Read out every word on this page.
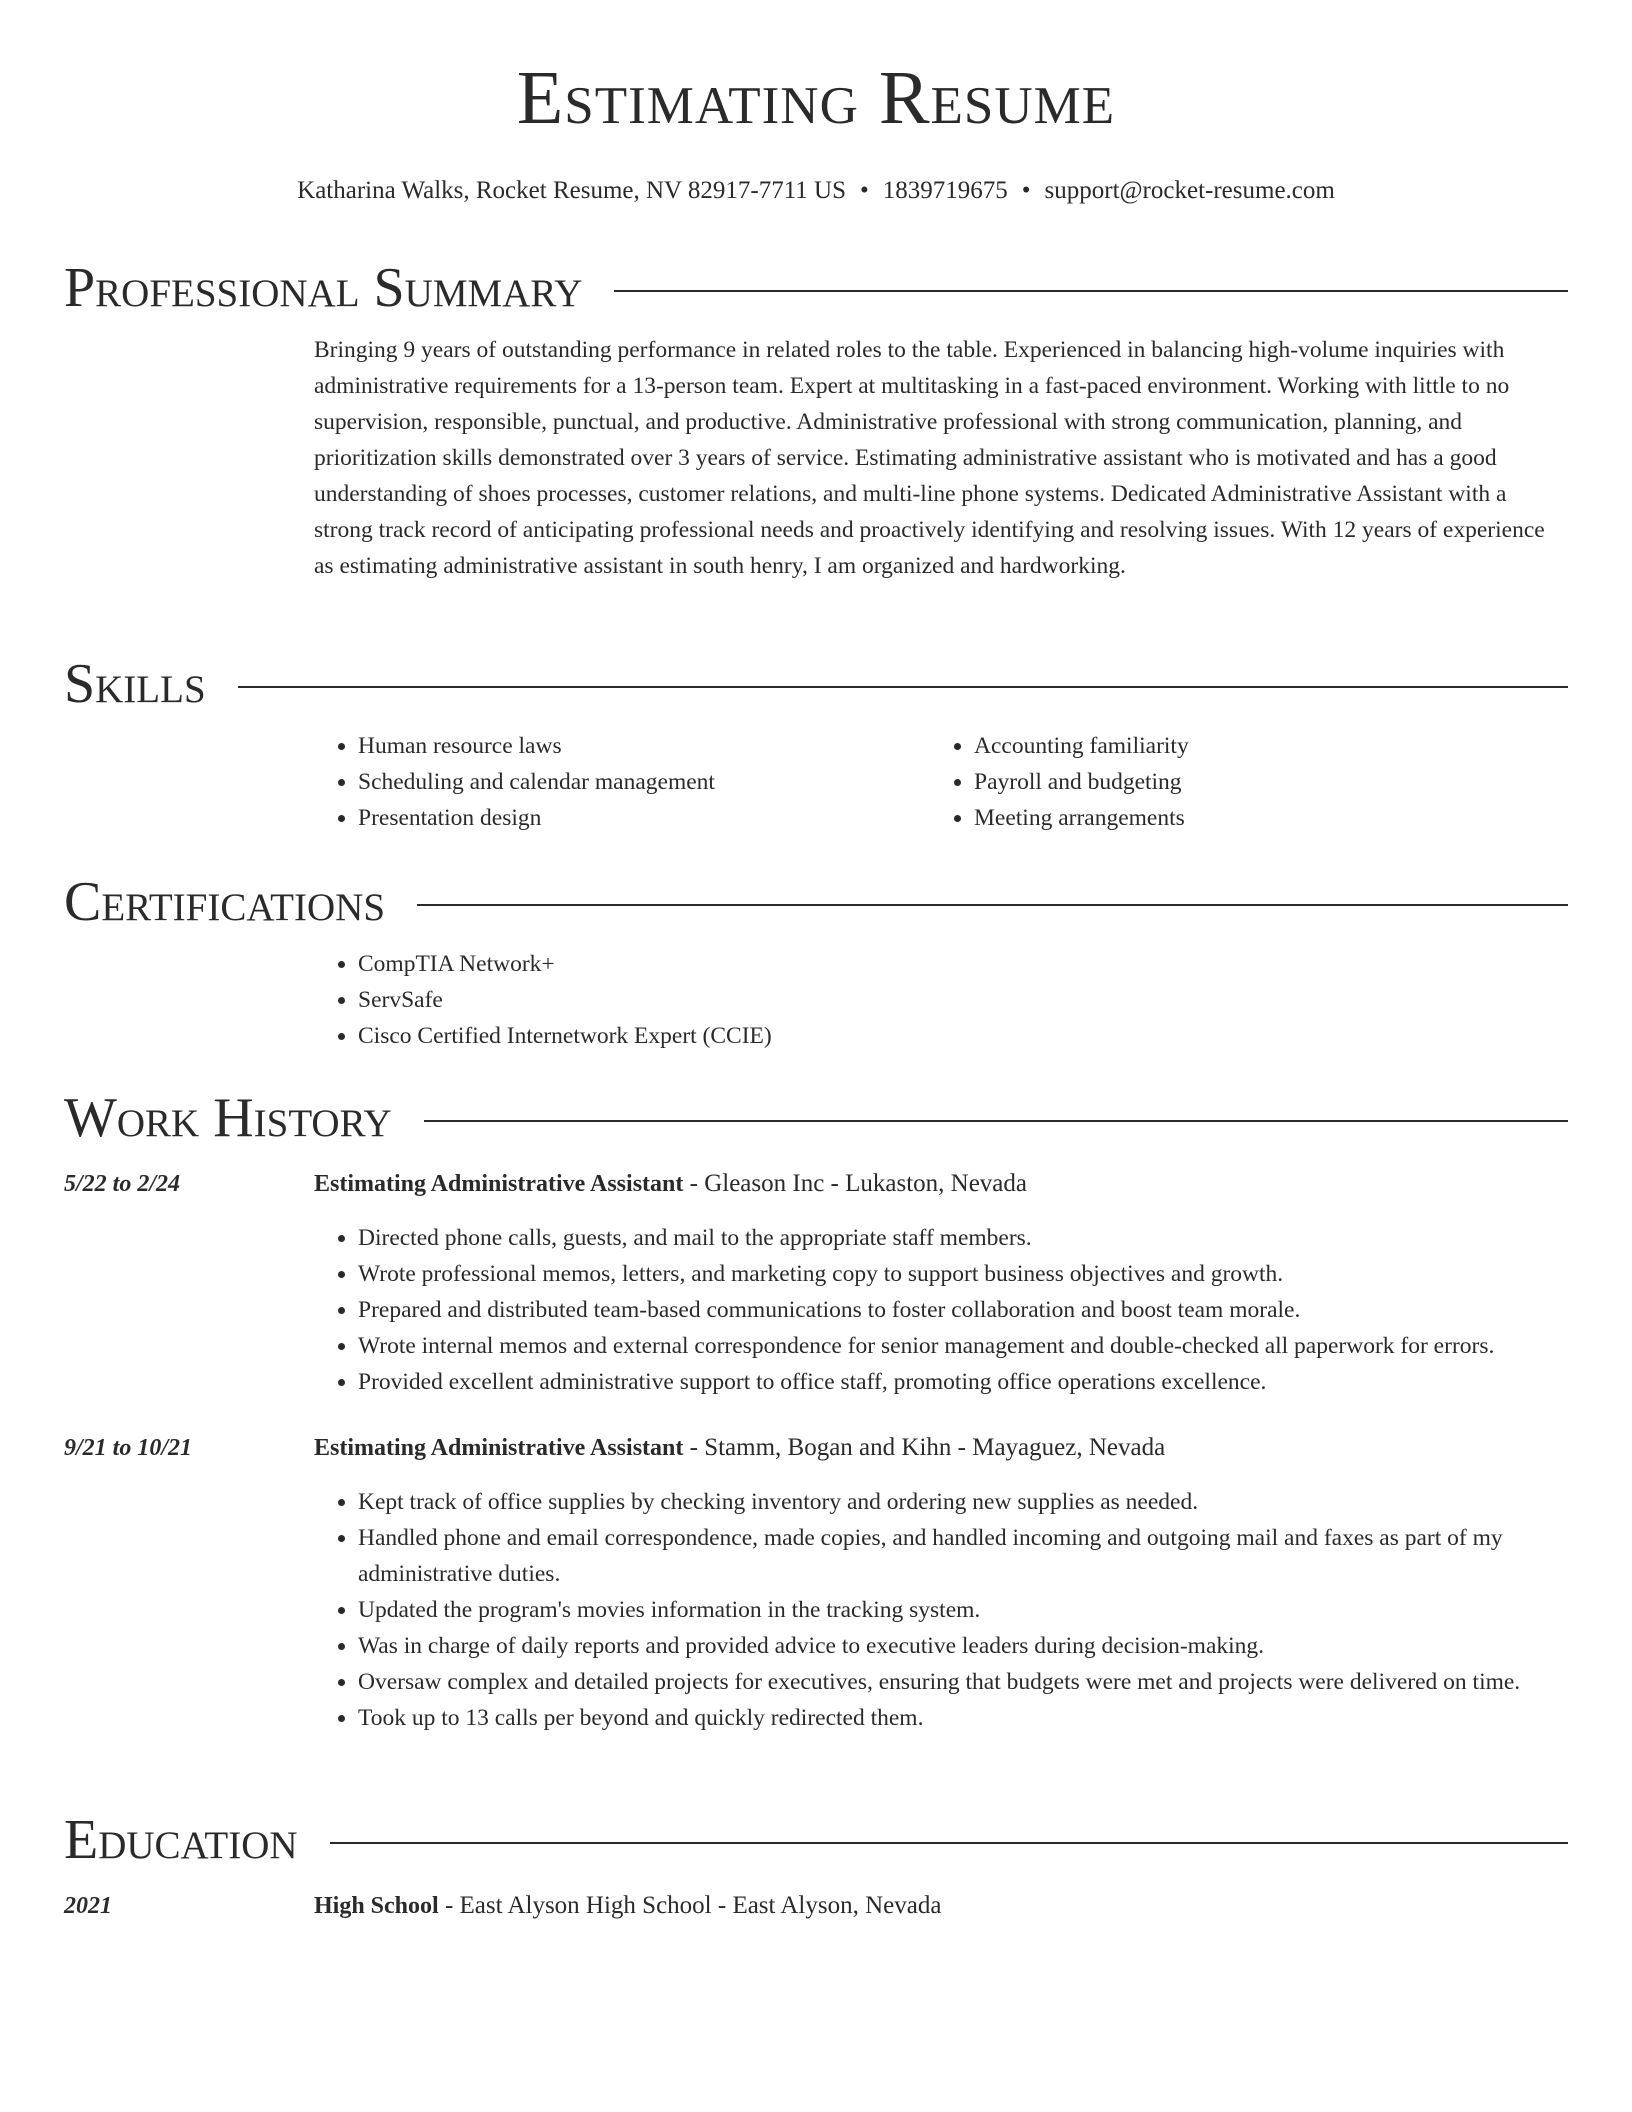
Estimating Resume
Katharina Walks, Rocket Resume, NV 82917-7711 US • 1839719675 • support@rocket-resume.com
Professional Summary

Bringing 9 years of outstanding performance in related roles to the table. Experienced in balancing high-volume inquiries with administrative requirements for a 13-person team. Expert at multitasking in a fast-paced environment. Working with little to no supervision, responsible, punctual, and productive. Administrative professional with strong communication, planning, and prioritization skills demonstrated over 3 years of service. Estimating administrative assistant who is motivated and has a good understanding of shoes processes, customer relations, and multi-line phone systems. Dedicated Administrative Assistant with a strong track record of anticipating professional needs and proactively identifying and resolving issues. With 12 years of experience as estimating administrative assistant in south henry, I am organized and hardworking.

Skills
• Human resource laws
• Scheduling and calendar management
• Presentation design
• Accounting familiarity
• Payroll and budgeting
• Meeting arrangements
Certifications
• CompTIA Network+
• ServSafe
• Cisco Certified Internetwork Expert (CCIE)
Work History
5/22 to 2/24	Estimating Administrative Assistant - Gleason Inc - Lukaston, Nevada
• Directed phone calls, guests, and mail to the appropriate staff members.
• Wrote professional memos, letters, and marketing copy to support business objectives and growth.
• Prepared and distributed team-based communications to foster collaboration and boost team morale.
• Wrote internal memos and external correspondence for senior management and double-checked all paperwork for errors.
• Provided excellent administrative support to office staff, promoting office operations excellence.
9/21 to 10/21	Estimating Administrative Assistant - Stamm, Bogan and Kihn - Mayaguez, Nevada
• Kept track of office supplies by checking inventory and ordering new supplies as needed.
• Handled phone and email correspondence, made copies, and handled incoming and outgoing mail and faxes as part of my administrative duties.
• Updated the program's movies information in the tracking system.
• Was in charge of daily reports and provided advice to executive leaders during decision-making.
• Oversaw complex and detailed projects for executives, ensuring that budgets were met and projects were delivered on time.
• Took up to 13 calls per beyond and quickly redirected them.
Education
2021	High School - East Alyson High School - East Alyson, Nevada
